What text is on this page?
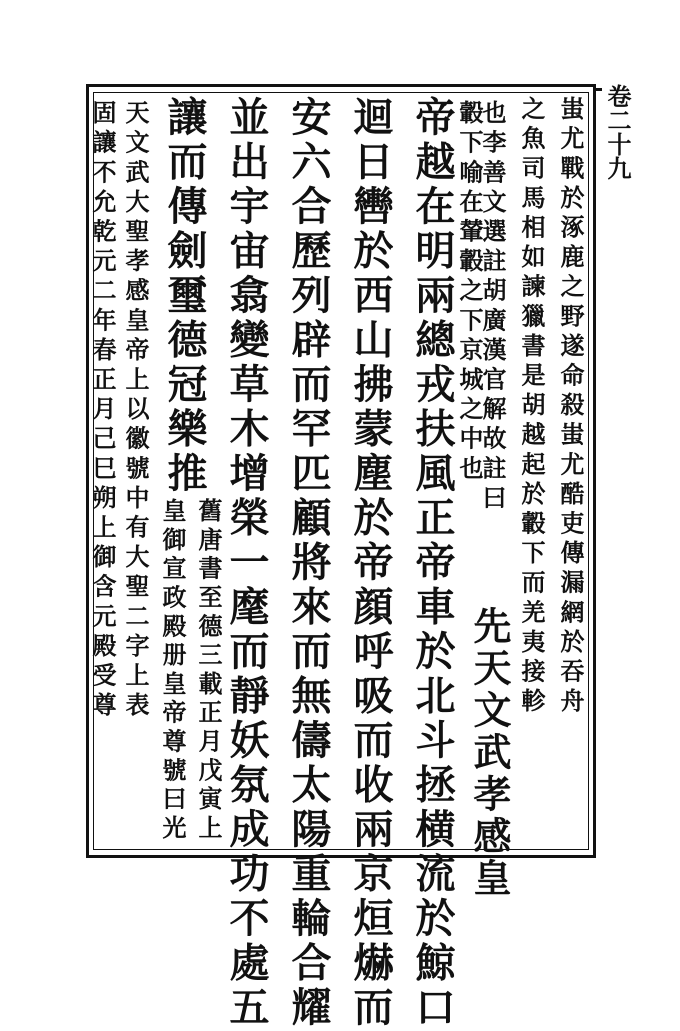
卷二十九
蚩尤戰於涿鹿之野遂命殺蚩尤酷吏傳漏網於吞舟
之魚司馬相如諫獵書是胡越起於轂下而羌夷接軫
也李善文選註胡廣漢官解故註曰
轂下喻在輦轂之下京城之中也
先天文武孝感皇
帝越在明兩總戎扶風正帝車於北斗拯横流於鯨口
迴日轡於西山拂蒙塵於帝顔呼吸而收兩京烜爀而
安六合歷列辟而罕匹顧將來而無儔太陽重輪合耀
並出宇宙翕變草木增榮一麾而靜妖氛成功不處五
讓而傳劍璽德冠樂推
舊唐書至德三載正月戊寅上
皇御宣政殿册皇帝尊號曰光
天文武大聖孝感皇帝上以徽號中有大聖二字上表
固讓不允乾元二年春正月己巳朔上御含元殿受尊
